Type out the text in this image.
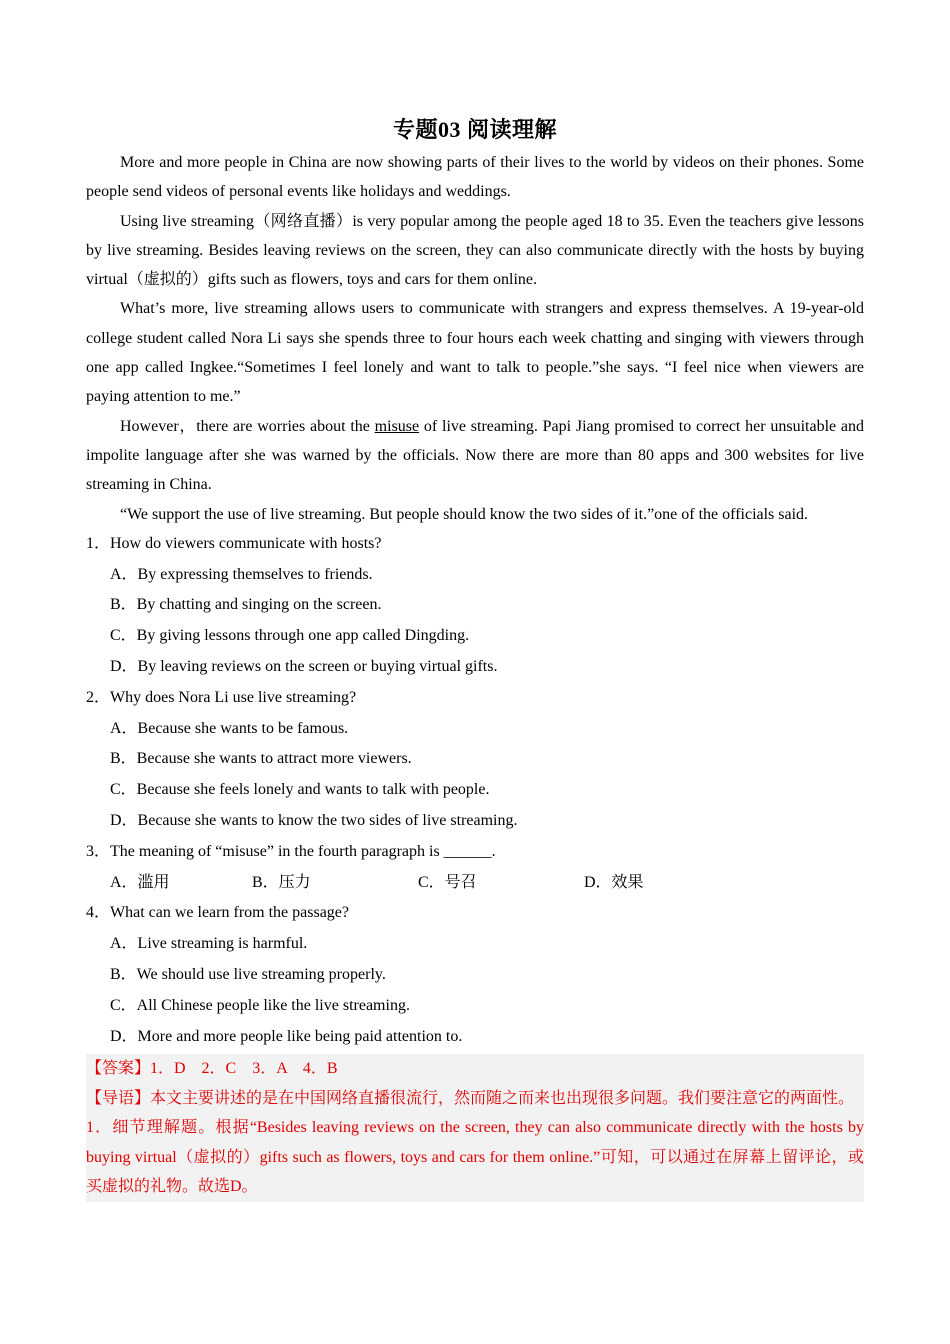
专题03 阅读理解

More and more people in China are now showing parts of their lives to the world by videos on their phones. Some people send videos of personal events like holidays and weddings.

Using live streaming（网络直播）is very popular among the people aged 18 to 35. Even the teachers give lessons by live streaming. Besides leaving reviews on the screen, they can also communicate directly with the hosts by buying virtual（虚拟的）gifts such as flowers, toys and cars for them online.

What’s more, live streaming allows users to communicate with strangers and express themselves. A 19-year-old college student called Nora Li says she spends three to four hours each week chatting and singing with viewers through one app called Ingkee.“Sometimes I feel lonely and want to talk to people.”she says. “I feel nice when viewers are paying attention to me.”

However，there are worries about the misuse of live streaming. Papi Jiang promised to correct her unsuitable and impolite language after she was warned by the officials. Now there are more than 80 apps and 300 websites for live streaming in China.

“We support the use of live streaming. But people should know the two sides of it.”one of the officials said.

1．How do viewers communicate with hosts?

A．By expressing themselves to friends.

B．By chatting and singing on the screen.

C．By giving lessons through one app called Dingding.

D．By leaving reviews on the screen or buying virtual gifts.

2．Why does Nora Li use live streaming?

A．Because she wants to be famous.

B．Because she wants to attract more viewers.

C．Because she feels lonely and wants to talk with people.

D．Because she wants to know the two sides of live streaming.

3．The meaning of “misuse” in the fourth paragraph is ______.

A．滥用	B．压力	C．号召	D．效果

4．What can we learn from the passage?

A．Live streaming is harmful.

B．We should use live streaming properly.

C．All Chinese people like the live streaming.

D．More and more people like being paid attention to.

【答案】1．D　2．C　3．A　4．B

【导语】本文主要讲述的是在中国网络直播很流行，然而随之而来也出现很多问题。我们要注意它的两面性。

1．细节理解题。根据“Besides leaving reviews on the screen, they can also communicate directly with the hosts by buying virtual（虚拟的）gifts such as flowers, toys and cars for them online.”可知，可以通过在屏幕上留评论，或买虚拟的礼物。故选D。
